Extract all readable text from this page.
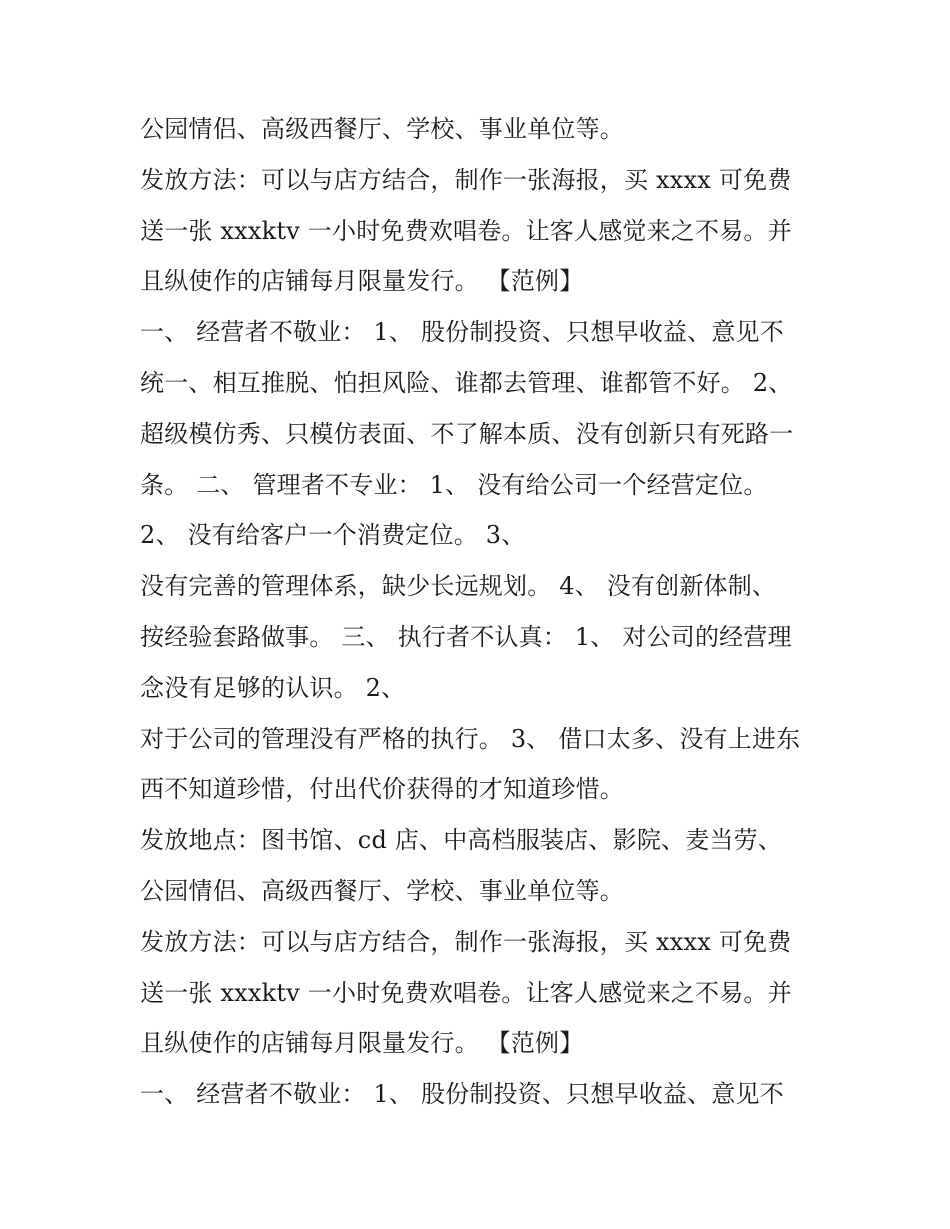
公园情侣、高级西餐厅、学校、事业单位等。
发放方法：可以与店方结合，制作一张海报，买 xxxx 可免费
送一张 xxxktv 一小时免费欢唱卷。让客人感觉来之不易。并
且纵使作的店铺每月限量发行。 【范例】
一、 经营者不敬业： 1、 股份制投资、只想早收益、意见不
统一、相互推脱、怕担风险、谁都去管理、谁都管不好。 2、
超级模仿秀、只模仿表面、不了解本质、没有创新只有死路一
条。 二、 管理者不专业： 1、 没有给公司一个经营定位。
2、 没有给客户一个消费定位。 3、
没有完善的管理体系，缺少长远规划。 4、 没有创新体制、
按经验套路做事。 三、 执行者不认真： 1、 对公司的经营理
念没有足够的认识。 2、
对于公司的管理没有严格的执行。 3、 借口太多、没有上进东
西不知道珍惜，付出代价获得的才知道珍惜。
发放地点：图书馆、cd 店、中高档服装店、影院、麦当劳、
公园情侣、高级西餐厅、学校、事业单位等。
发放方法：可以与店方结合，制作一张海报，买 xxxx 可免费
送一张 xxxktv 一小时免费欢唱卷。让客人感觉来之不易。并
且纵使作的店铺每月限量发行。 【范例】
一、 经营者不敬业： 1、 股份制投资、只想早收益、意见不
